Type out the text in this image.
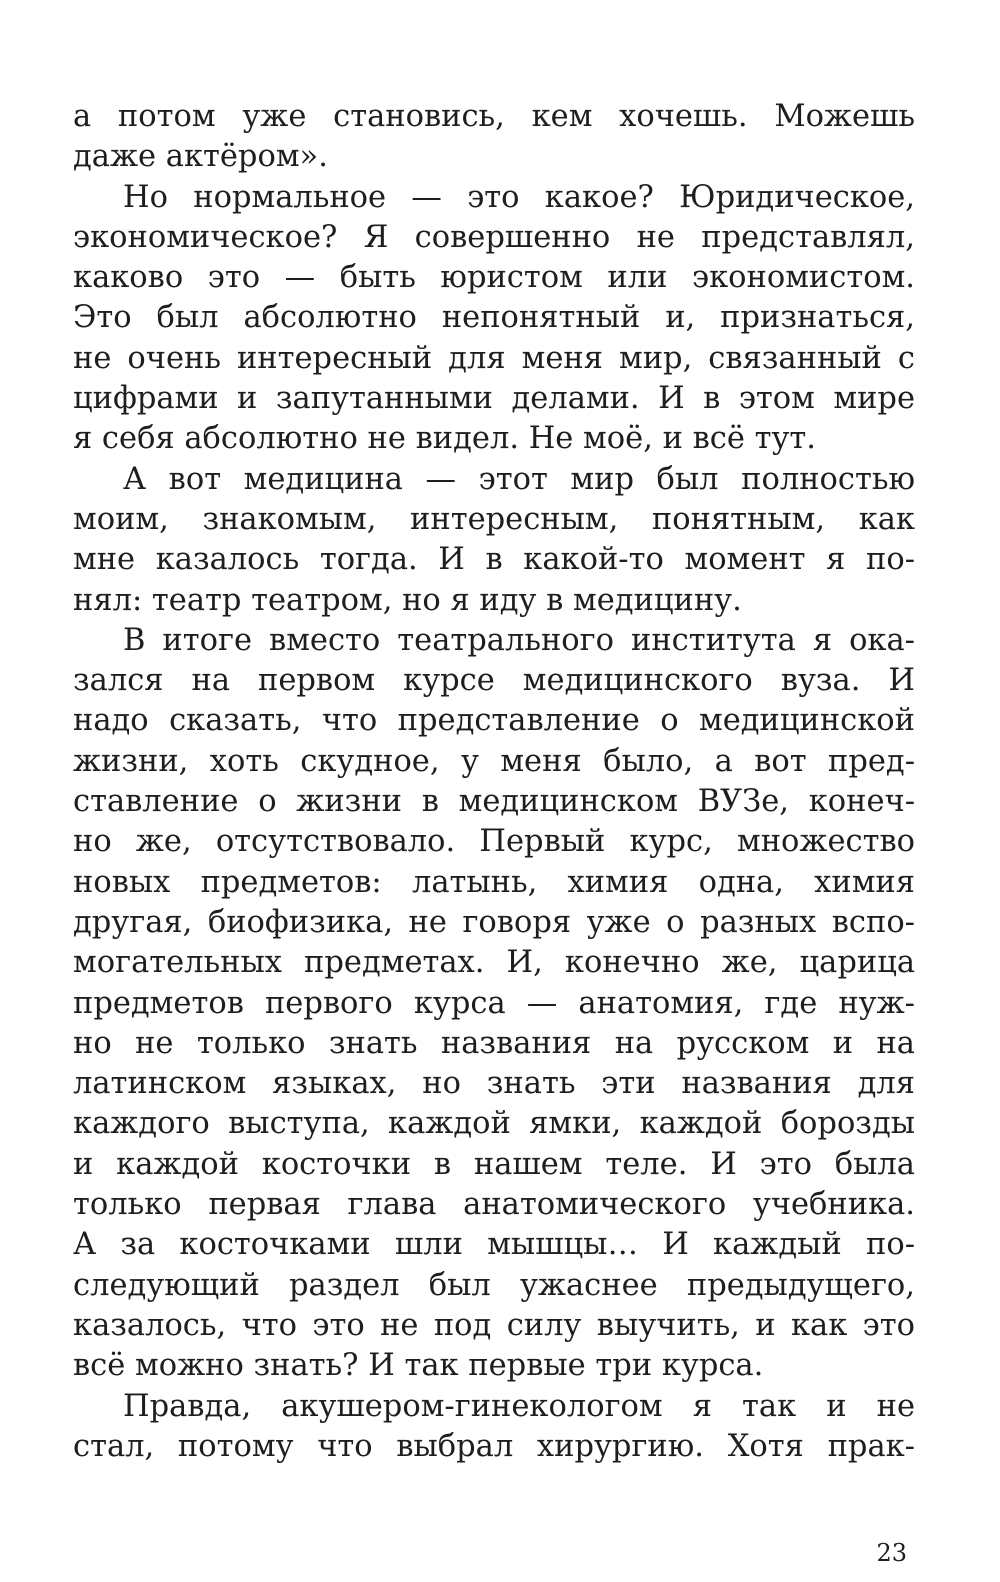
а потом уже становись, кем хочешь. Можешь
даже актёром».
Но нормальное — это какое? Юридическое,
экономическое? Я совершенно не представлял,
каково это — быть юристом или экономистом.
Это был абсолютно непонятный и, признаться,
не очень интересный для меня мир, связанный с
цифрами и запутанными делами. И в этом мире
я себя абсолютно не видел. Не моё, и всё тут.
А вот медицина — этот мир был полностью
моим, знакомым, интересным, понятным, как
мне казалось тогда. И в какой-то момент я по-
нял: театр театром, но я иду в медицину.
В итоге вместо театрального института я ока-
зался на первом курсе медицинского вуза. И
надо сказать, что представление о медицинской
жизни, хоть скудное, у меня было, а вот пред-
ставление о жизни в медицинском ВУЗе, конеч-
но же, отсутствовало. Первый курс, множество
новых предметов: латынь, химия одна, химия
другая, биофизика, не говоря уже о разных вспо-
могательных предметах. И, конечно же, царица
предметов первого курса — анатомия, где нуж-
но не только знать названия на русском и на
латинском языках, но знать эти названия для
каждого выступа, каждой ямки, каждой борозды
и каждой косточки в нашем теле. И это была
только первая глава анатомического учебника.
А за косточками шли мышцы… И каждый по-
следующий раздел был ужаснее предыдущего,
казалось, что это не под силу выучить, и как это
всё можно знать? И так первые три курса.
Правда, акушером-гинекологом я так и не
стал, потому что выбрал хирургию. Хотя прак-
23
